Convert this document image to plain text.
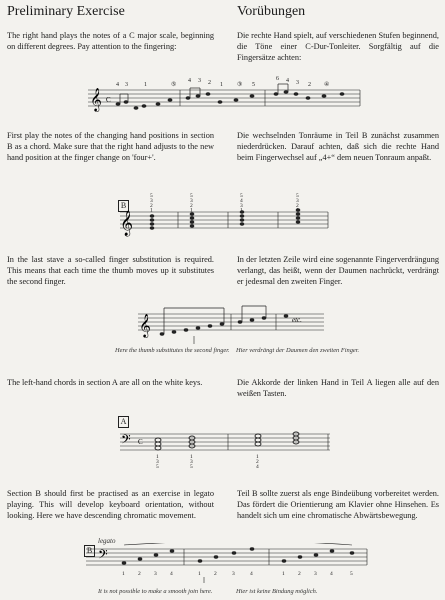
Preliminary Exercise	Vorübungen

The right hand plays the notes of a C major scale, beginning on different degrees. Pay attention to the fingering:

Die rechte Hand spielt, auf verschiedenen Stufen beginnend, die Töne einer C-Dur-Tonleiter. Sorgfältig auf die Fingersätze achten:

𝄞 C
4 3	1	⑤
4 3 2 1 ③ 5
6 4 3 2 ④

First play the notes of the changing hand positions in section B as a chord. Make sure that the right hand adjusts to the new hand position at the finger change on 'four+'.

Die wechselnden Tonräume in Teil B zunächst zusammen niederdrücken. Darauf achten, daß sich die rechte Hand beim Fingerwechsel auf „4+“ dem neuen Tonraum anpaßt.

B
𝄞
5
3
2
1
5
3
2
1
5
4
3
1
5
3
2
1

In the last stave a so-called finger substitution is required. This means that each time the thumb moves up it substitutes the second finger.

In der letzten Zeile wird eine sogenannte Fingerverdrängung verlangt, das heißt, wenn der Daumen nachrückt, verdrängt er jedesmal den zweiten Finger.

𝄞	etc.
Here the thumb substitutes the second finger. Hier verdrängt der Daumen den zweiten Finger.

The left-hand chords in section A are all on the white keys.	Die Akkorde der linken Hand in Teil A liegen alle auf den weißen Tasten.

A
𝄢 C
1
3
5
1
3
5
1
2
4

Section B should first be practised as an exercise in legato playing. This will develop keyboard orientation, without looking. Here we have descending chromatic movement.

Teil B sollte zuerst als enge Bindeübung vorbereitet werden. Das fördert die Orientierung am Klavier ohne Hinsehen. Es handelt sich um eine chromatische Abwärtsbewegung.

B
legato
𝄢
1 2 3 4	1 2	3	4	1 2 3 4	5
It is not possible to make a smooth join here.	Hier ist keine Bindung möglich.
